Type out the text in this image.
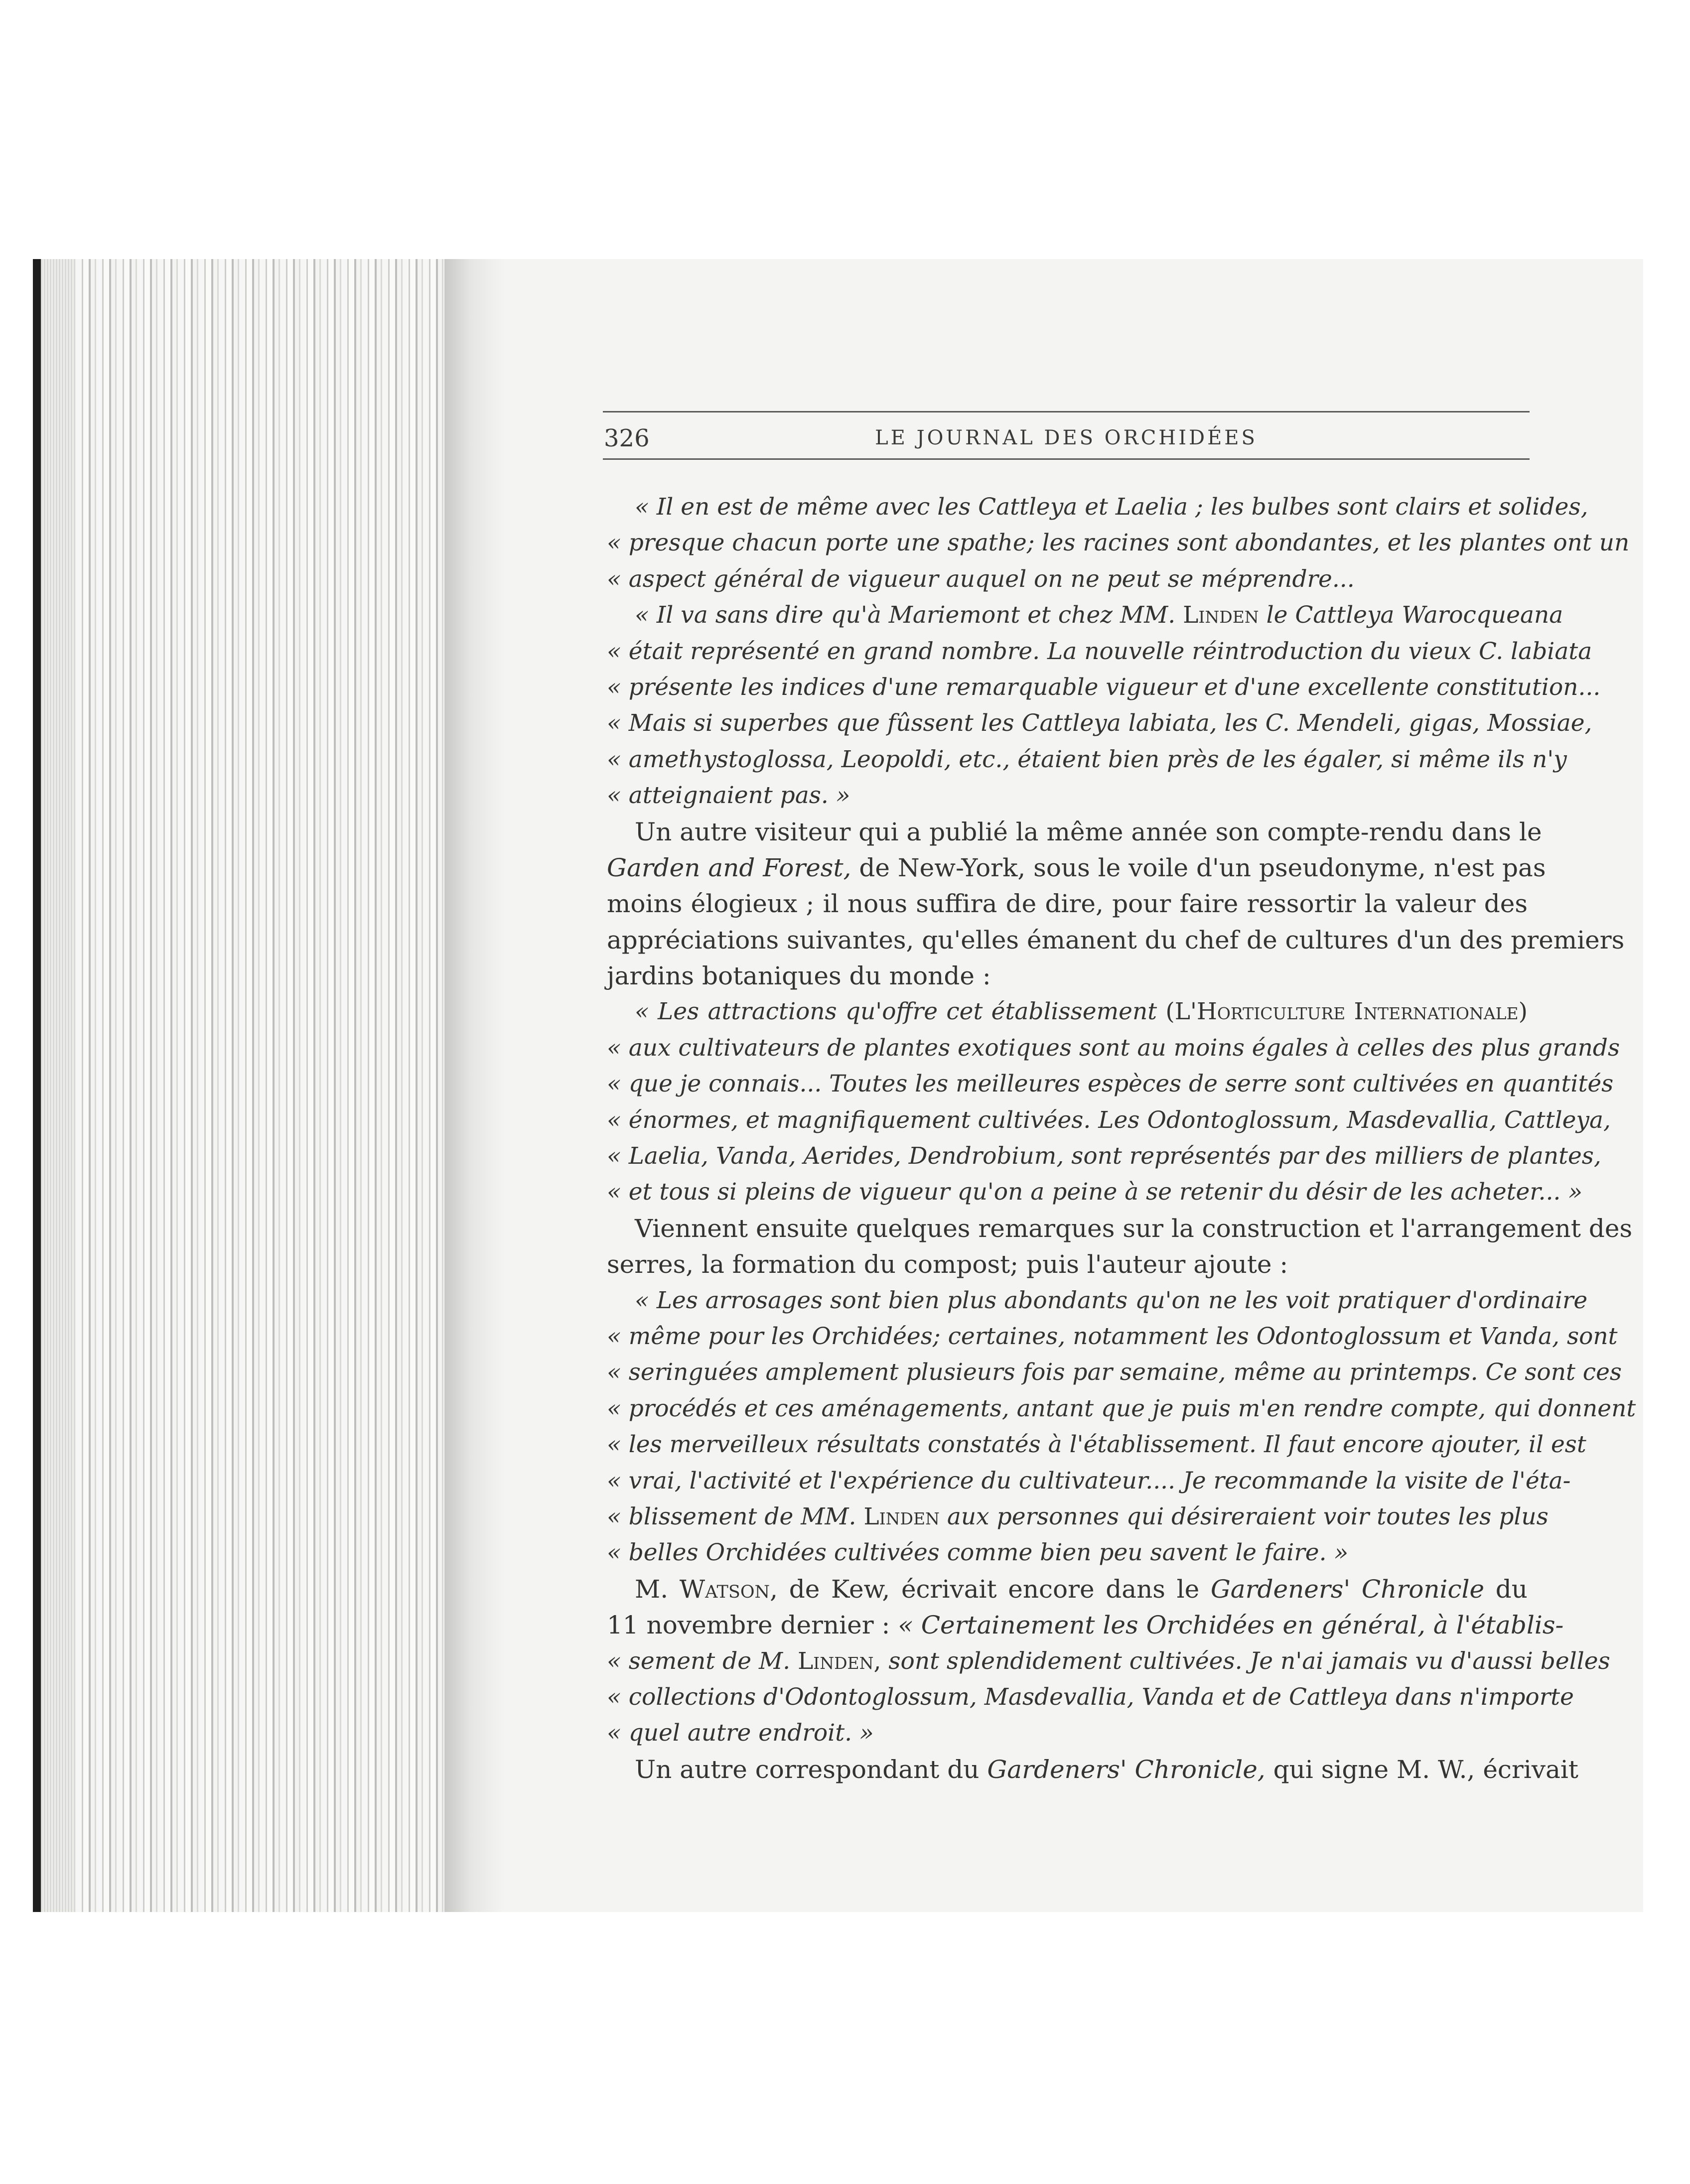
326	LE JOURNAL DES ORCHIDÉES
« Il en est de même avec les Cattleya et Laelia ; les bulbes sont clairs et solides,
« presque chacun porte une spathe; les racines sont abondantes, et les plantes ont un
« aspect général de vigueur auquel on ne peut se méprendre...
« Il va sans dire qu'à Mariemont et chez MM. Linden le Cattleya Warocqueana
« était représenté en grand nombre. La nouvelle réintroduction du vieux C. labiata
« présente les indices d'une remarquable vigueur et d'une excellente constitution...
« Mais si superbes que fûssent les Cattleya labiata, les C. Mendeli, gigas, Mossiae,
« amethystoglossa, Leopoldi, etc., étaient bien près de les égaler, si même ils n'y
« atteignaient pas. »
Un autre visiteur qui a publié la même année son compte-rendu dans le
Garden and Forest, de New-York, sous le voile d'un pseudonyme, n'est pas
moins élogieux ; il nous suffira de dire, pour faire ressortir la valeur des
appréciations suivantes, qu'elles émanent du chef de cultures d'un des premiers
jardins botaniques du monde :
« Les attractions qu'offre cet établissement (L'Horticulture Internationale)
« aux cultivateurs de plantes exotiques sont au moins égales à celles des plus grands
« que je connais... Toutes les meilleures espèces de serre sont cultivées en quantités
« énormes, et magnifiquement cultivées. Les Odontoglossum, Masdevallia, Cattleya,
« Laelia, Vanda, Aerides, Dendrobium, sont représentés par des milliers de plantes,
« et tous si pleins de vigueur qu'on a peine à se retenir du désir de les acheter... »
Viennent ensuite quelques remarques sur la construction et l'arrangement des
serres, la formation du compost; puis l'auteur ajoute :
« Les arrosages sont bien plus abondants qu'on ne les voit pratiquer d'ordinaire
« même pour les Orchidées; certaines, notamment les Odontoglossum et Vanda, sont
« seringuées amplement plusieurs fois par semaine, même au printemps. Ce sont ces
« procédés et ces aménagements, antant que je puis m'en rendre compte, qui donnent
« les merveilleux résultats constatés à l'établissement. Il faut encore ajouter, il est
« vrai, l'activité et l'expérience du cultivateur.... Je recommande la visite de l'éta-
« blissement de MM. Linden aux personnes qui désireraient voir toutes les plus
« belles Orchidées cultivées comme bien peu savent le faire. »
M. Watson, de Kew, écrivait encore dans le Gardeners' Chronicle du
11 novembre dernier : « Certainement les Orchidées en général, à l'établis-
« sement de M. Linden, sont splendidement cultivées. Je n'ai jamais vu d'aussi belles
« collections d'Odontoglossum, Masdevallia, Vanda et de Cattleya dans n'importe
« quel autre endroit. »
Un autre correspondant du Gardeners' Chronicle, qui signe M. W., écrivait
